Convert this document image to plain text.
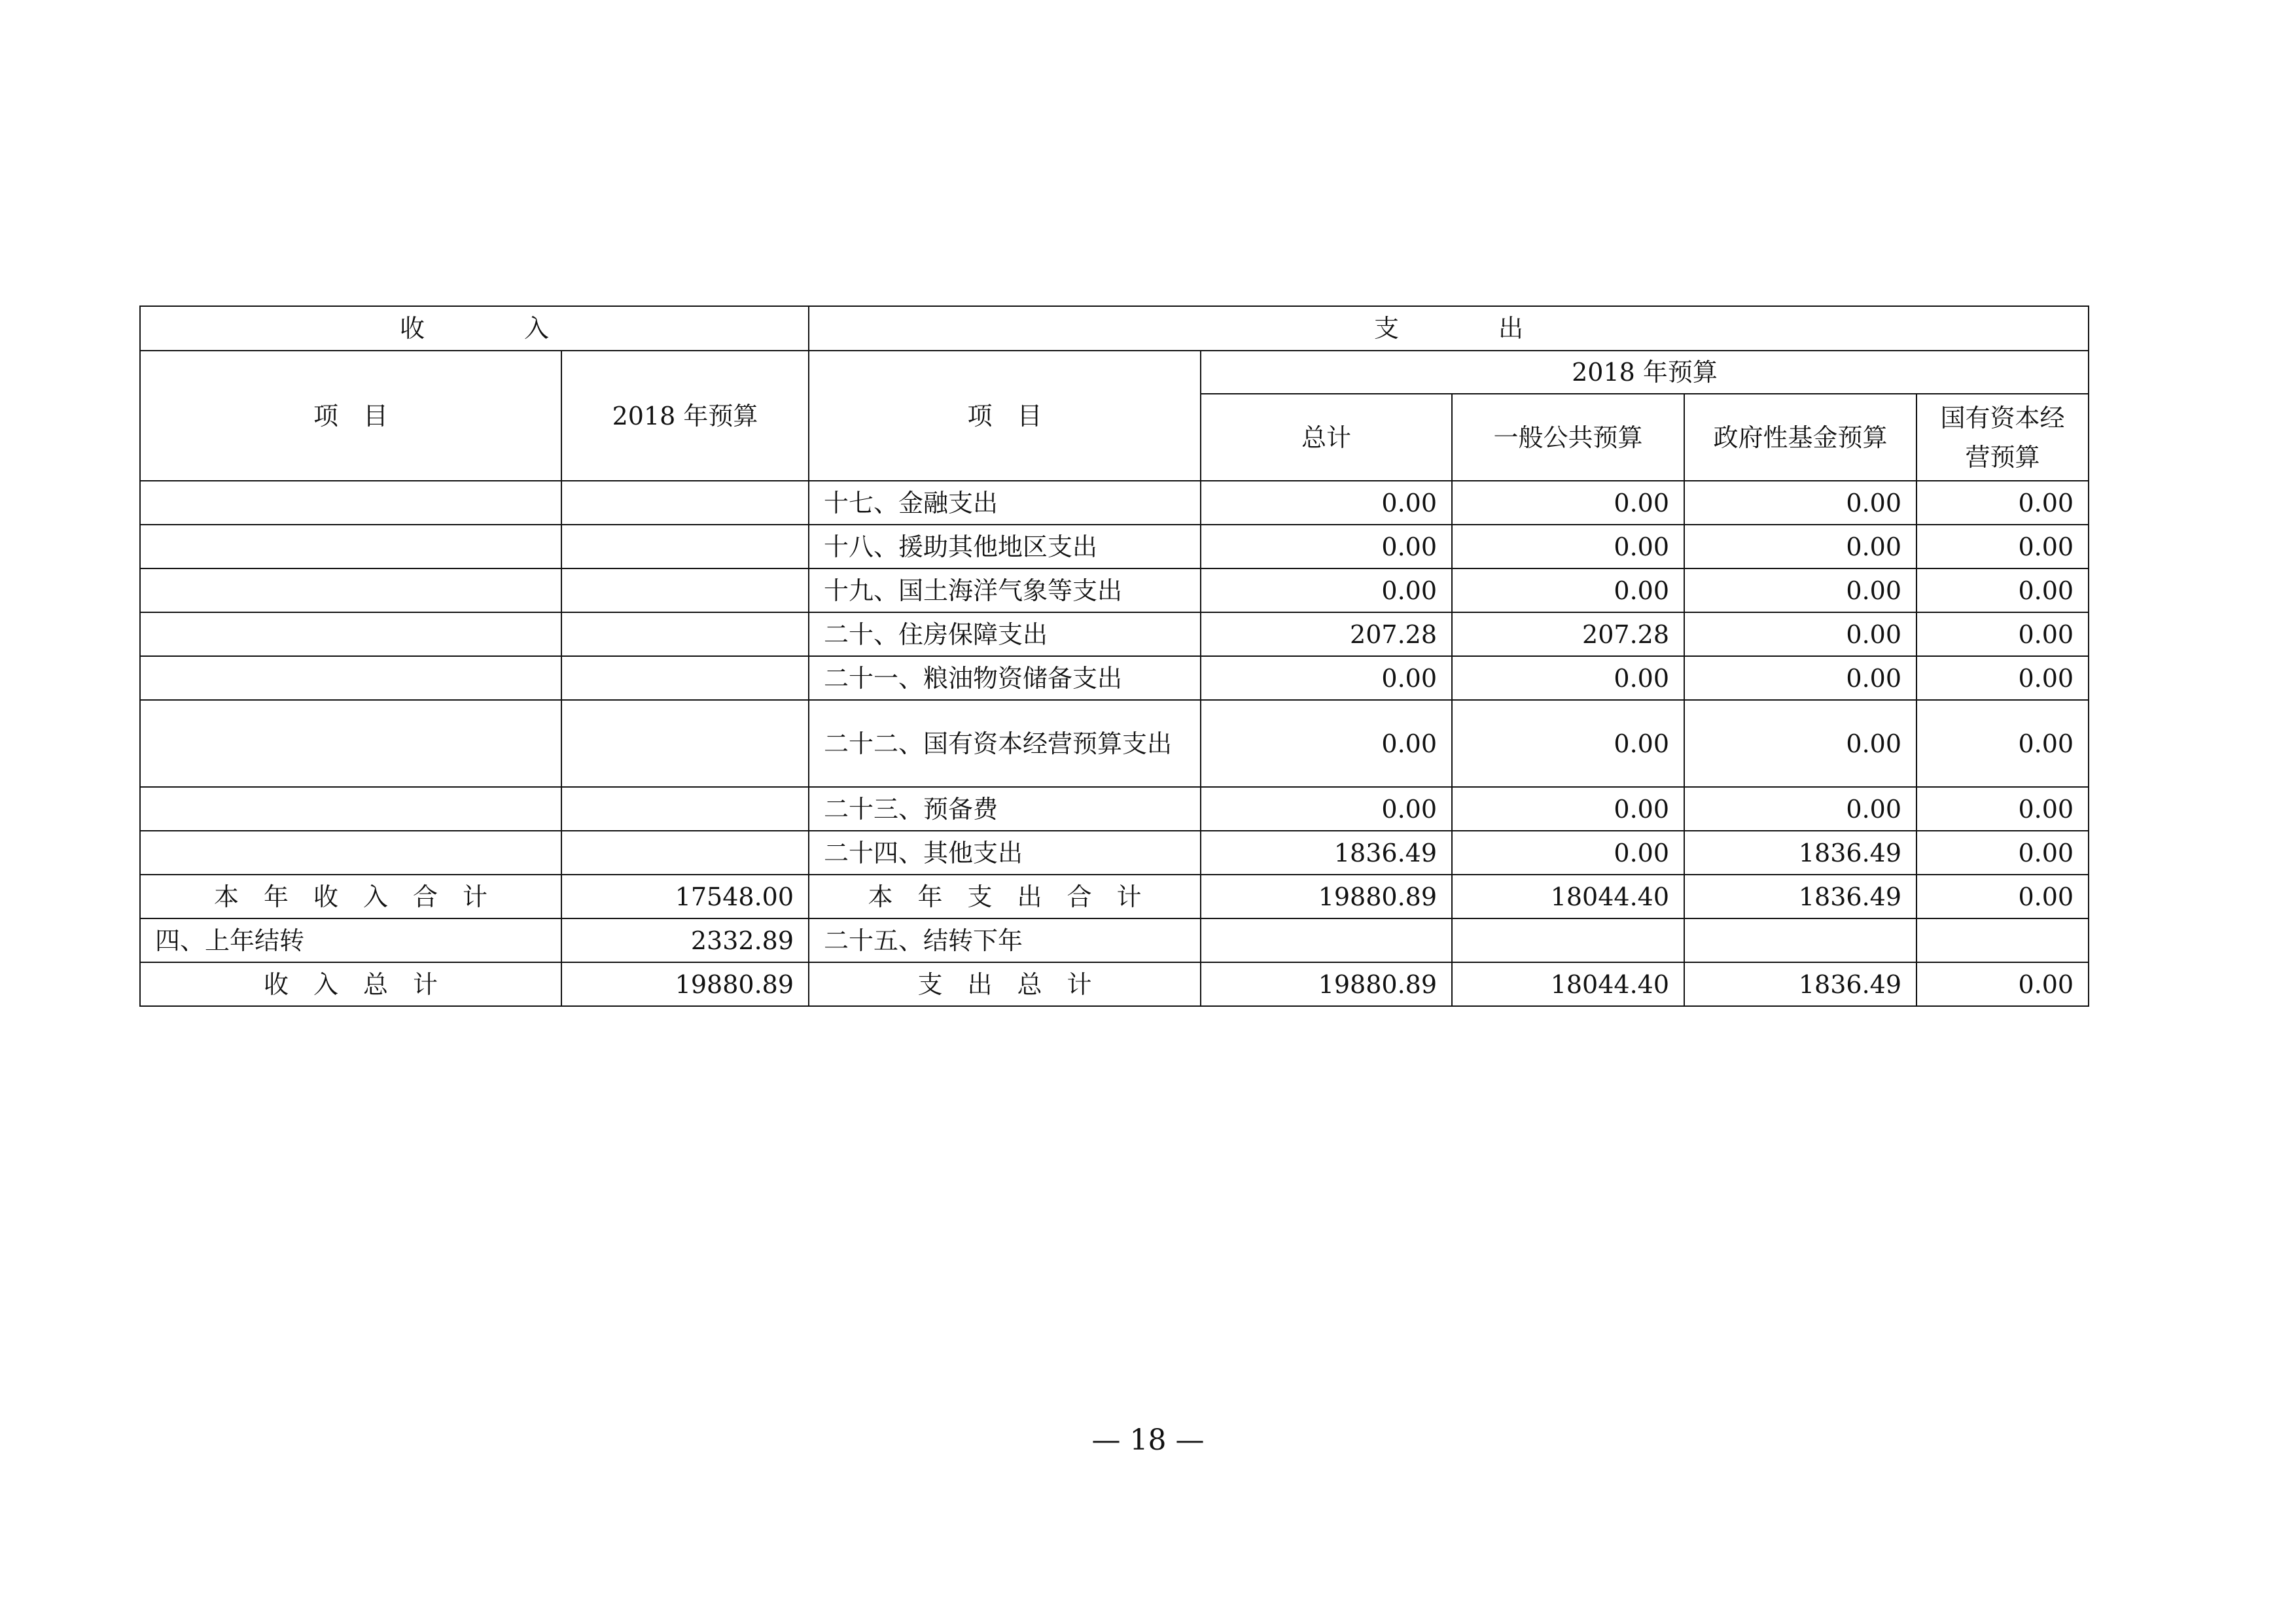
收　　　　入		支　　　　出				
项　目	2018 年预算	项　目	2018 年预算			
			总计	一般公共预算	政府性基金预算	国有资本经营预算
		十七、金融支出	0.00	0.00	0.00	0.00
		十八、援助其他地区支出	0.00	0.00	0.00	0.00
		十九、国土海洋气象等支出	0.00	0.00	0.00	0.00
		二十、住房保障支出	207.28	207.28	0.00	0.00
		二十一、粮油物资储备支出	0.00	0.00	0.00	0.00
		二十二、国有资本经营预算支出	0.00	0.00	0.00	0.00
		二十三、预备费	0.00	0.00	0.00	0.00
		二十四、其他支出	1836.49	0.00	1836.49	0.00
本　年　收　入　合　计	17548.00	本　年　支　出　合　计	19880.89	18044.40	1836.49	0.00
四、上年结转	2332.89	二十五、结转下年				
收　入　总　计	19880.89	支　出　总　计	19880.89	18044.40	1836.49	0.00
— 18 —
